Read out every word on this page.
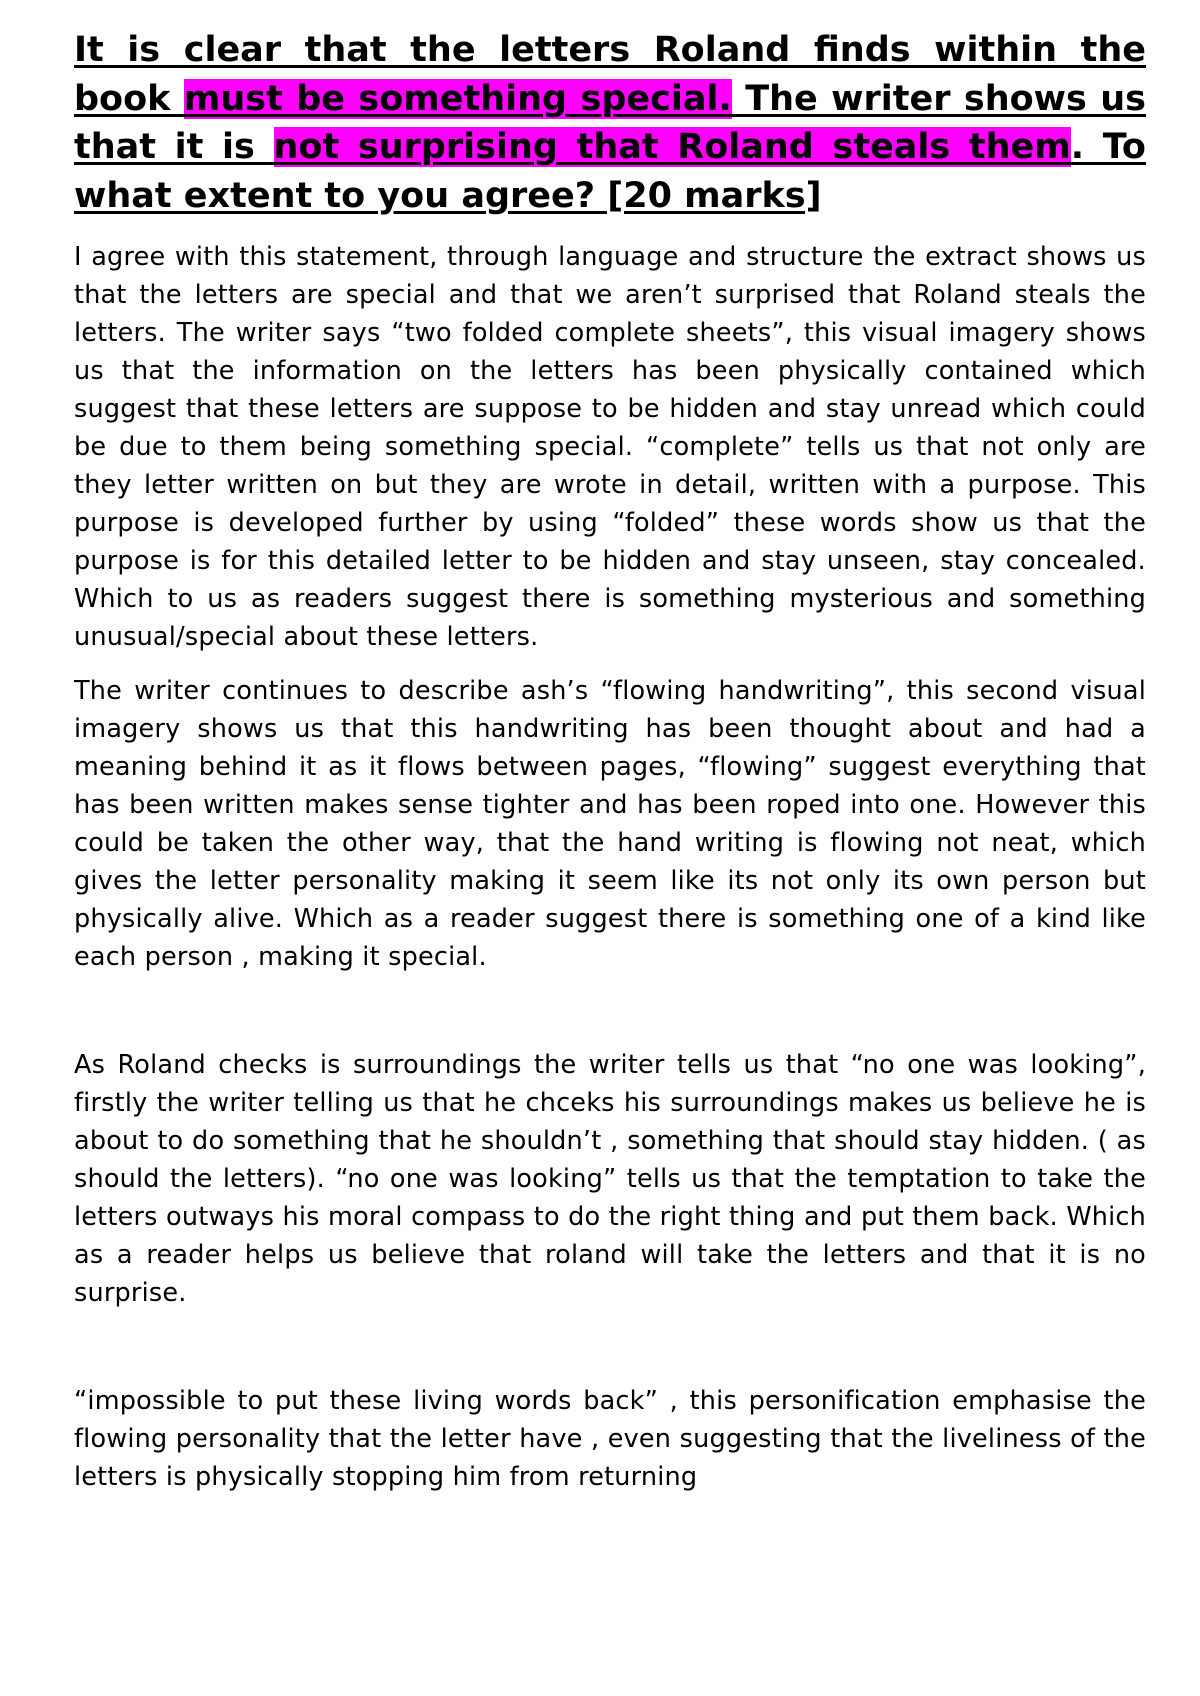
It is clear that the letters Roland finds within the book must be something special. The writer shows us that it is not surprising that Roland steals them. To what extent to you agree? [20 marks]

I agree with this statement, through language and structure the extract shows us that the letters are special and that we aren’t surprised that Roland steals the letters. The writer says “two folded complete sheets”, this visual imagery shows us that the information on the letters has been physically contained which suggest that these letters are suppose to be hidden and stay unread which could be due to them being something special. “complete” tells us that not only are they letter written on but they are wrote in detail, written with a purpose. This purpose is developed further by using “folded” these words show us that the purpose is for this detailed letter to be hidden and stay unseen, stay concealed. Which to us as readers suggest there is something mysterious and something unusual/special about these letters.

The writer continues to describe ash’s “flowing handwriting”, this second visual imagery shows us that this handwriting has been thought about and had a meaning behind it as it flows between pages, “flowing” suggest everything that has been written makes sense tighter and has been roped into one. However this could be taken the other way, that the hand writing is flowing not neat, which gives the letter personality making it seem like its not only its own person but physically alive. Which as a reader suggest there is something one of a kind like each person , making it special.

As Roland checks is surroundings the writer tells us that “no one was looking”, firstly the writer telling us that he chceks his surroundings makes us believe he is about to do something that he shouldn’t , something that should stay hidden. ( as should the letters). “no one was looking” tells us that the temptation to take the letters outways his moral compass to do the right thing and put them back. Which as a reader helps us believe that roland will take the letters and that it is no surprise.

“impossible to put these living words back” , this personification emphasise the flowing personality that the letter have , even suggesting that the liveliness of the letters is physically stopping him from returning
